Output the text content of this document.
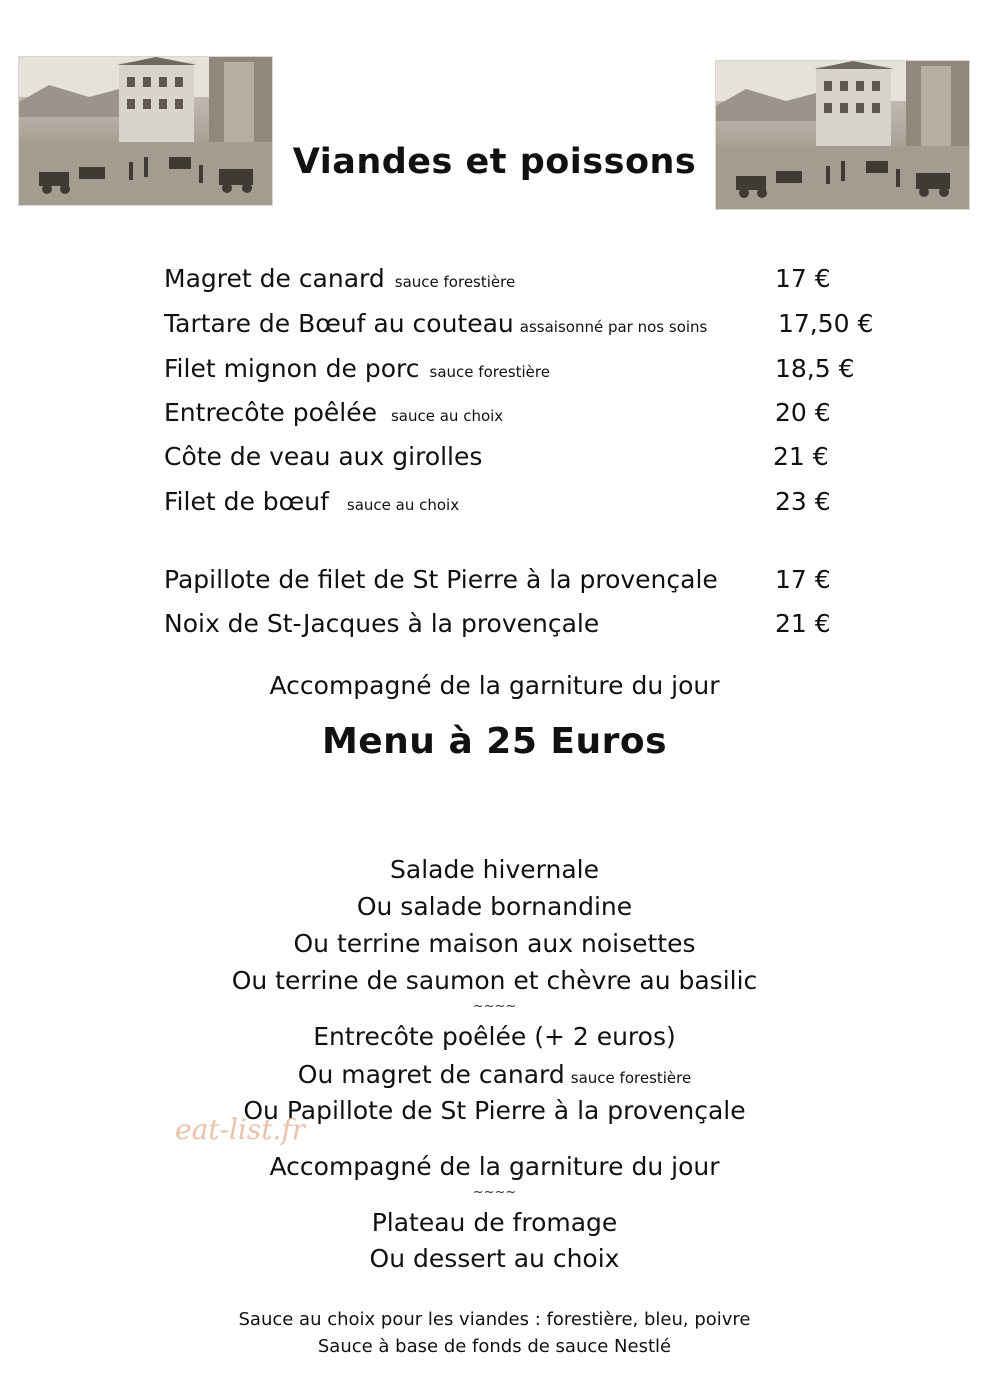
Viandes et poissons
Magret de canard sauce forestière	17 €
Tartare de Bœuf au couteau assaisonné par nos soins	17,50 €
Filet mignon de porc sauce forestière	18,5 €
Entrecôte poêlée sauce au choix	20 €
Côte de veau aux girolles	21 €
Filet de bœuf sauce au choix	23 €
Papillote de filet de St Pierre à la provençale 17 €
Noix de St-Jacques à la provençale	21 €
Accompagné de la garniture du jour
Menu à 25 Euros
Salade hivernale
Ou salade bornandine
Ou terrine maison aux noisettes
Ou terrine de saumon et chèvre au basilic
~~~~
Entrecôte poêlée (+ 2 euros)
Ou magret de canard sauce forestière
Ou Papillote de St Pierre à la provençale
Accompagné de la garniture du jour
~~~~
Plateau de fromage
Ou dessert au choix
Sauce au choix pour les viandes : forestière, bleu, poivre
Sauce à base de fonds de sauce Nestlé
eat-list.fr
